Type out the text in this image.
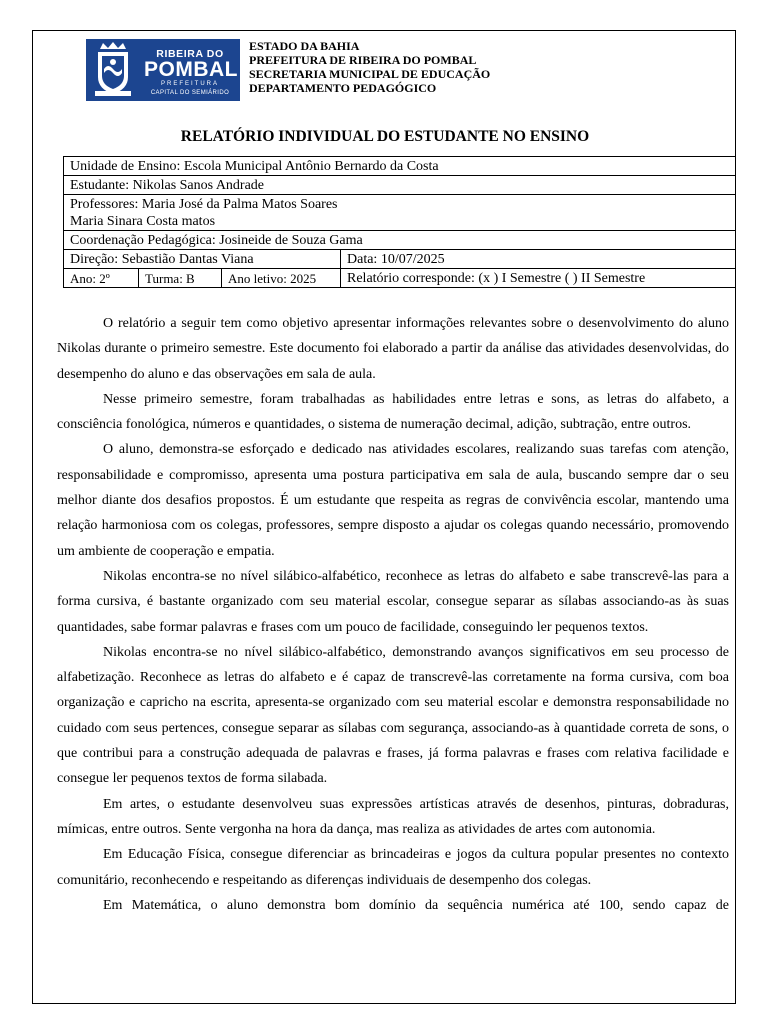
RIBEIRA DO
POMBAL
PREFEITURA
CAPITAL DO SEMIÁRIDO
ESTADO DA BAHIA
PREFEITURA DE RIBEIRA DO POMBAL
SECRETARIA MUNICIPAL DE EDUCAÇÃO
DEPARTAMENTO PEDAGÓGICO
RELATÓRIO INDIVIDUAL DO ESTUDANTE NO ENSINO
Unidade de Ensino: Escola Municipal Antônio Bernardo da Costa			
Estudante: Nikolas Sanos Andrade			

Professores: Maria José da Palma Matos Soares
Maria Sinara Costa matos			

Coordenação Pedagógica: Josineide de Souza Gama			
Direção: Sebastião Dantas Viana			Data: 10/07/2025
Ano: 2º	Turma: B	Ano letivo: 2025	Relatório corresponde: (x ) I Semestre ( ) II Semestre

O relatório a seguir tem como objetivo apresentar informações relevantes sobre o desenvolvimento do aluno Nikolas durante o primeiro semestre. Este documento foi elaborado a partir da análise das atividades desenvolvidas, do desempenho do aluno e das observações em sala de aula.

Nesse primeiro semestre, foram trabalhadas as habilidades entre letras e sons, as letras do alfabeto, a consciência fonológica, números e quantidades, o sistema de numeração decimal, adição, subtração, entre outros.

O aluno, demonstra-se esforçado e dedicado nas atividades escolares, realizando suas tarefas com atenção, responsabilidade e compromisso, apresenta uma postura participativa em sala de aula, buscando sempre dar o seu melhor diante dos desafios propostos. É um estudante que respeita as regras de convivência escolar, mantendo uma relação harmoniosa com os colegas, professores, sempre disposto a ajudar os colegas quando necessário, promovendo um ambiente de cooperação e empatia.

Nikolas encontra-se no nível silábico-alfabético, reconhece as letras do alfabeto e sabe transcrevê-las para a forma cursiva, é bastante organizado com seu material escolar, consegue separar as sílabas associando-as às suas quantidades, sabe formar palavras e frases com um pouco de facilidade, conseguindo ler pequenos textos.

Nikolas encontra-se no nível silábico-alfabético, demonstrando avanços significativos em seu processo de alfabetização. Reconhece as letras do alfabeto e é capaz de transcrevê-las corretamente na forma cursiva, com boa organização e capricho na escrita, apresenta-se organizado com seu material escolar e demonstra responsabilidade no cuidado com seus pertences, consegue separar as sílabas com segurança, associando-as à quantidade correta de sons, o que contribui para a construção adequada de palavras e frases, já forma palavras e frases com relativa facilidade e consegue ler pequenos textos de forma silabada.

Em artes, o estudante desenvolveu suas expressões artísticas através de desenhos, pinturas, dobraduras, mímicas, entre outros. Sente vergonha na hora da dança, mas realiza as atividades de artes com autonomia.

Em Educação Física, consegue diferenciar as brincadeiras e jogos da cultura popular presentes no contexto comunitário, reconhecendo e respeitando as diferenças individuais de desempenho dos colegas.

Em Matemática, o aluno demonstra bom domínio da sequência numérica até 100, sendo capaz de
